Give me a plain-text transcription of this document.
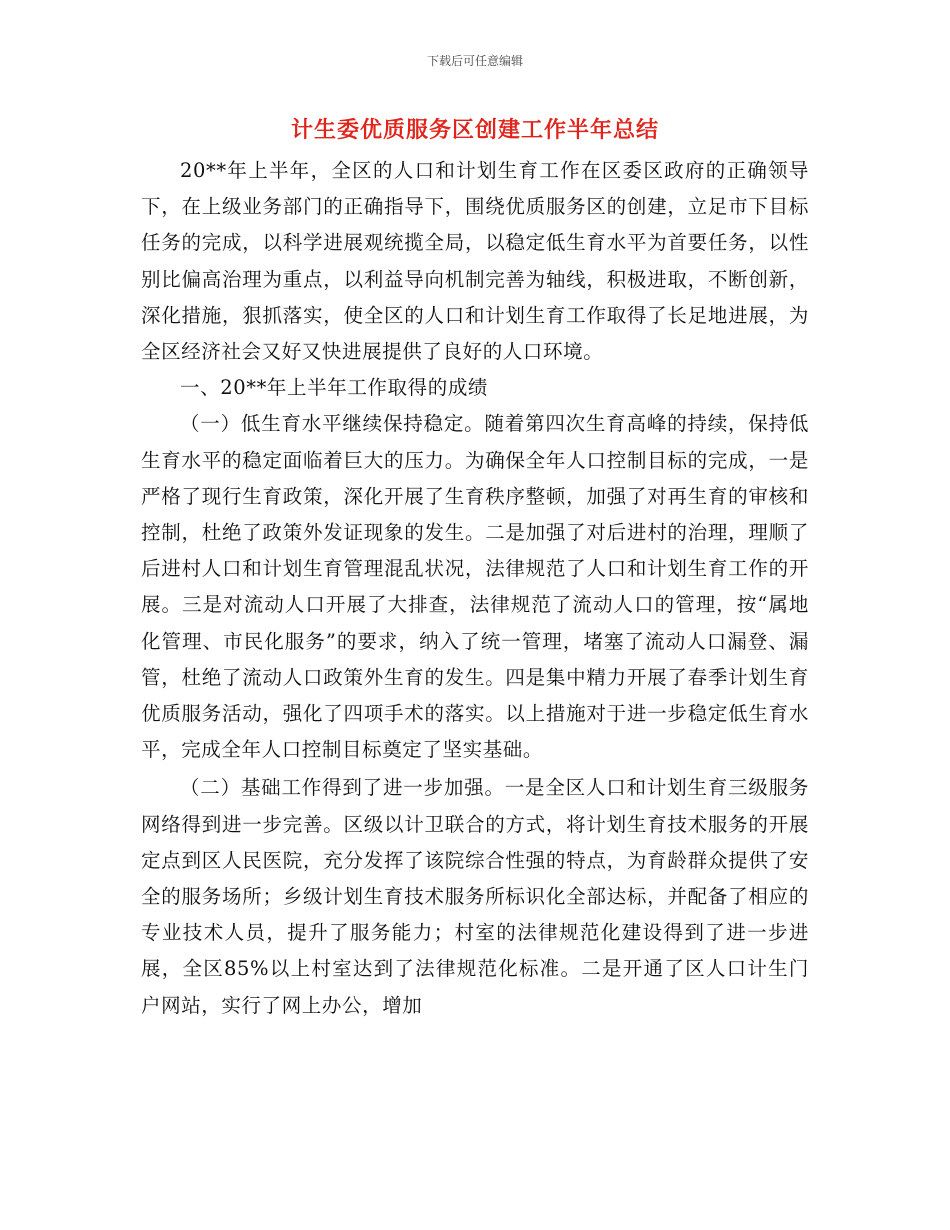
下载后可任意编辑
计生委优质服务区创建工作半年总结

20**年上半年，全区的人口和计划生育工作在区委区政府的正确领导下，在上级业务部门的正确指导下，围绕优质服务区的创建，立足市下目标任务的完成，以科学进展观统揽全局，以稳定低生育水平为首要任务，以性别比偏高治理为重点，以利益导向机制完善为轴线，积极进取，不断创新，深化措施，狠抓落实，使全区的人口和计划生育工作取得了长足地进展，为全区经济社会又好又快进展提供了良好的人口环境。

一、20**年上半年工作取得的成绩

（一）低生育水平继续保持稳定。随着第四次生育高峰的持续，保持低生育水平的稳定面临着巨大的压力。为确保全年人口控制目标的完成，一是严格了现行生育政策，深化开展了生育秩序整顿，加强了对再生育的审核和控制，杜绝了政策外发证现象的发生。二是加强了对后进村的治理，理顺了后进村人口和计划生育管理混乱状况，法律规范了人口和计划生育工作的开展。三是对流动人口开展了大排查，法律规范了流动人口的管理，按“属地化管理、市民化服务”的要求，纳入了统一管理，堵塞了流动人口漏登、漏管，杜绝了流动人口政策外生育的发生。四是集中精力开展了春季计划生育优质服务活动，强化了四项手术的落实。以上措施对于进一步稳定低生育水平，完成全年人口控制目标奠定了坚实基础。

（二）基础工作得到了进一步加强。一是全区人口和计划生育三级服务网络得到进一步完善。区级以计卫联合的方式，将计划生育技术服务的开展定点到区人民医院，充分发挥了该院综合性强的特点，为育龄群众提供了安全的服务场所；乡级计划生育技术服务所标识化全部达标，并配备了相应的专业技术人员，提升了服务能力；村室的法律规范化建设得到了进一步进展，全区85%以上村室达到了法律规范化标准。二是开通了区人口计生门户网站，实行了网上办公，增加
